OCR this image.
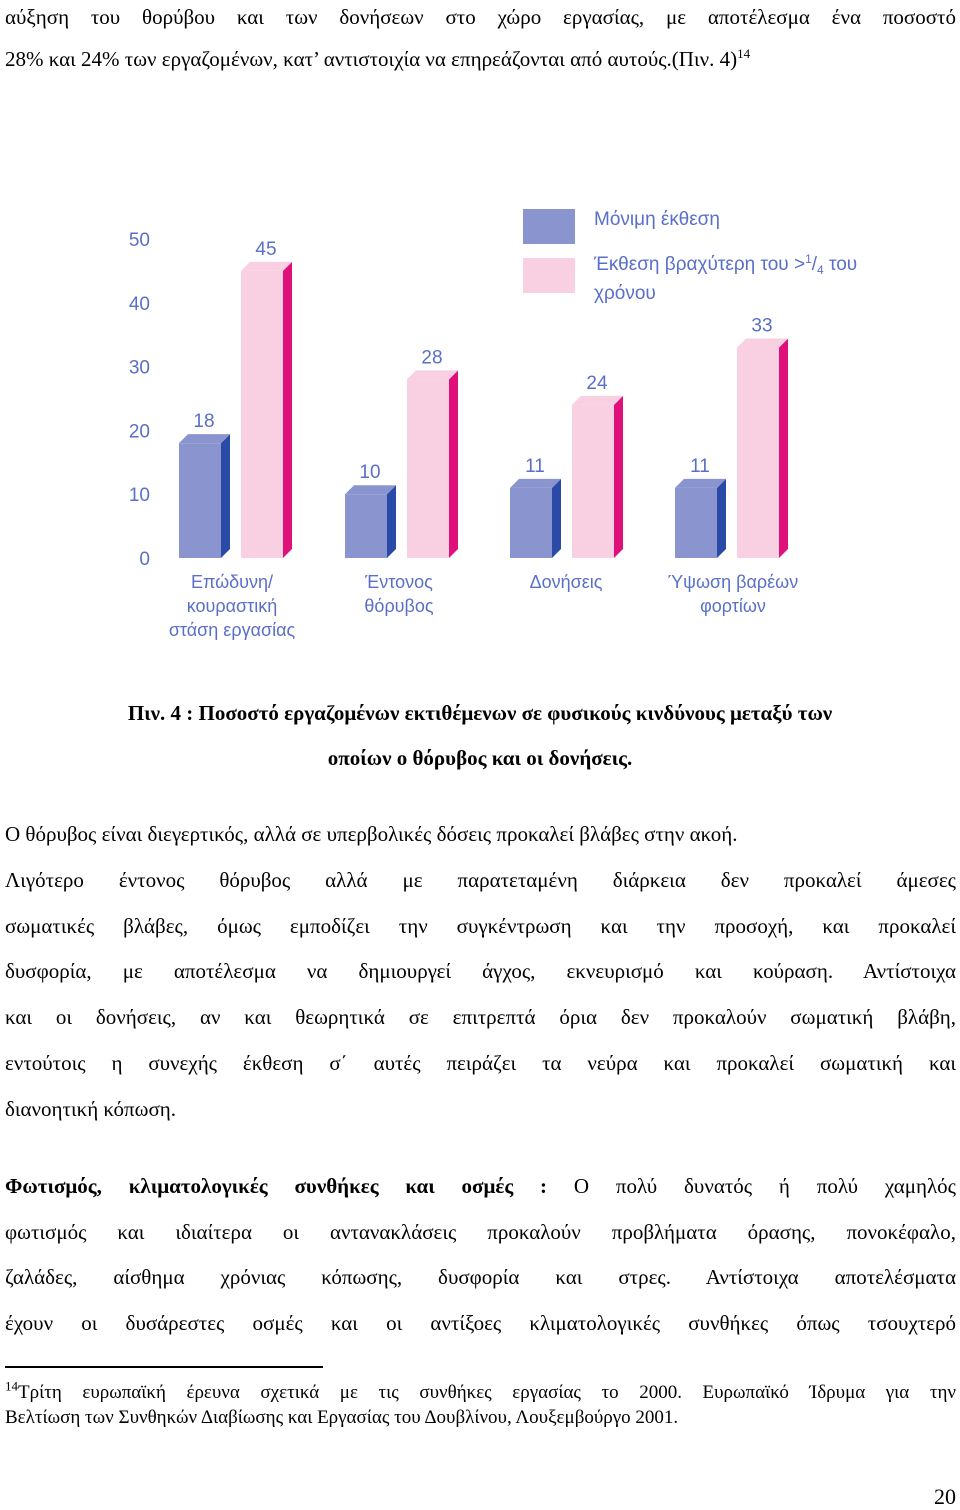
αύξηση του θορύβου και των δονήσεων στο χώρο εργασίας, με αποτέλεσμα ένα ποσοστό
28% και 24% των εργαζομένων, κατ’ αντιστοιχία να επηρεάζονται από αυτούς.(Πιν. 4)$^{14}$
0
10
20
30
40
50
18
10	11	11
45
28
24
33
Επώδυνη/
κουραστική
στάση εργασίας
Έντονος
θόρυβος
Δονήσεις	Ύψωση βαρέων
φορτίων
Μόνιμη έκθεση
Έκθεση βραχύτερη $\tau o\upsilon >^1/_4$ του
χρόνου
Πιν. 4 : Ποσοστό εργαζομένων εκτιθέμενων σε φυσικούς κινδύνους μεταξύ των
οποίων ο θόρυβος και οι δονήσεις.
Ο θόρυβος είναι διεγερτικός, αλλά σε υπερβολικές δόσεις προκαλεί βλάβες στην ακοή.
Λιγότερο έντονος θόρυβος αλλά με παρατεταμένη διάρκεια δεν προκαλεί άμεσες
σωματικές βλάβες, όμως εμποδίζει την συγκέντρωση και την προσοχή, και προκαλεί
δυσφορία, με αποτέλεσμα να δημιουργεί άγχος, εκνευρισμό και κούραση. Αντίστοιχα
και οι δονήσεις, αν και θεωρητικά σε επιτρεπτά όρια δεν προκαλούν σωματική βλάβη,
εντούτοις η συνεχής έκθεση σ΄ αυτές πειράζει τα νεύρα και προκαλεί σωματική και
διανοητική κόπωση.
Φωτισμός, κλιματολογικές συνθήκες και οσμές : Ο πολύ δυνατός ή πολύ χαμηλός
φωτισμός και ιδιαίτερα οι αντανακλάσεις προκαλούν προβλήματα όρασης, πονοκέφαλο,
ζαλάδες, αίσθημα χρόνιας κόπωσης, δυσφορία και στρες. Αντίστοιχα αποτελέσματα
έχουν οι δυσάρεστες οσμές και οι αντίξοες κλιματολογικές συνθήκες όπως τσουχτερό
$^{14}$Τρίτη ευρωπαϊκή έρευνα σχετικά με τις συνθήκες εργασίας το 2000. Ευρωπαϊκό Ίδρυμα για την
Βελτίωση των Συνθηκών Διαβίωσης και Εργασίας του Δουβλίνου, Λουξεμβούργο 2001.
20
